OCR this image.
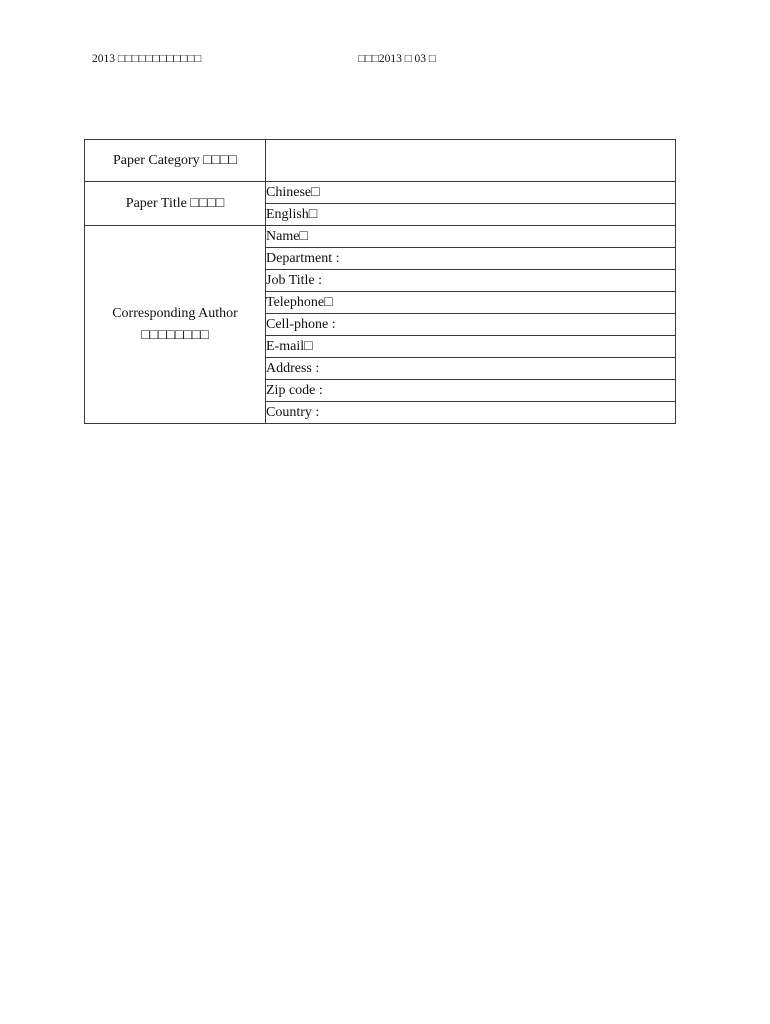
2013 □□□□□□□□□□□□	□□□2013 □ 03 □
Paper Category □□□□	
Paper Title □□□□	Chinese□
	English□

Corresponding Author
□□□□□□□□	Name□
	Department :
	Job Title :
	Telephone□
	Cell-phone :
	E-mail□
	Address :
	Zip code :
	Country :
